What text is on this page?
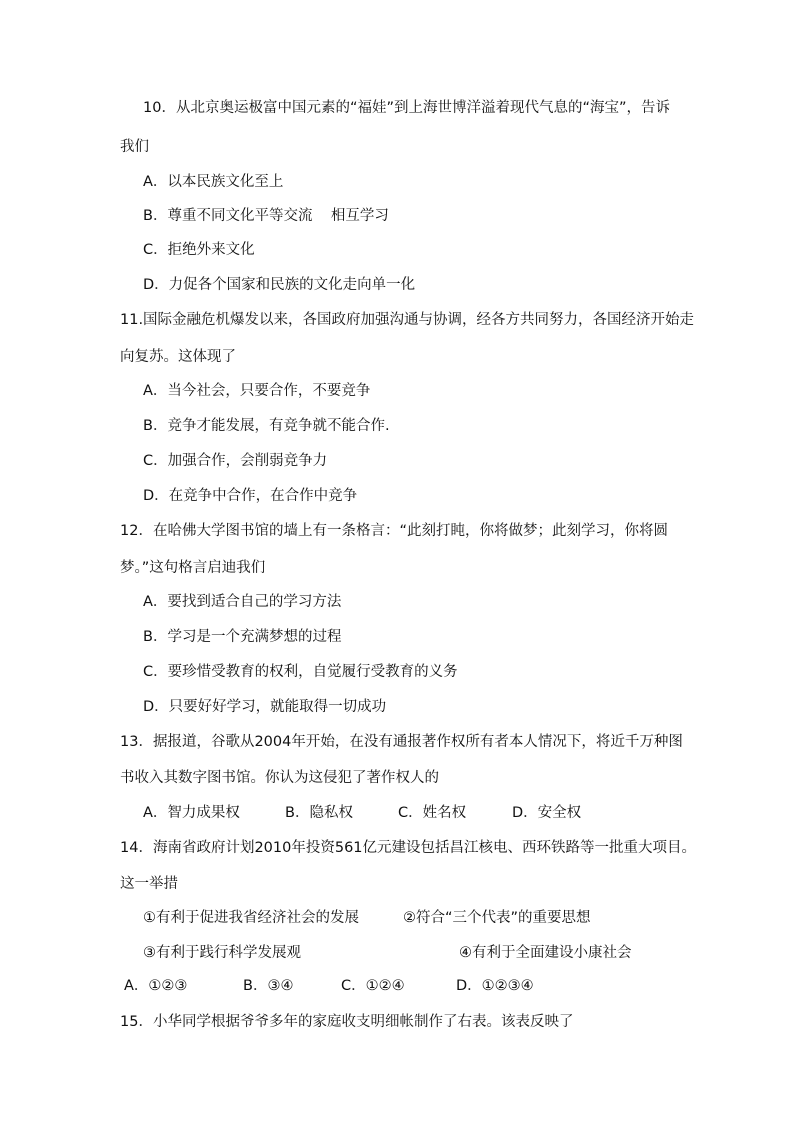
10．从北京奥运极富中国元素的“福娃”到上海世博洋溢着现代气息的“海宝”，告诉
我们
A．以本民族文化至上
B．尊重不同文化平等交流    相互学习
C．拒绝外来文化
D．力促各个国家和民族的文化走向单一化
11.国际金融危机爆发以来，各国政府加强沟通与协调，经各方共同努力，各国经济开始走
向复苏。这体现了
A．当今社会，只要合作，不要竞争
B．竞争才能发展，有竞争就不能合作.
C．加强合作，会削弱竞争力
D．在竞争中合作，在合作中竞争
12．在哈佛大学图书馆的墙上有一条格言：“此刻打盹，你将做梦；此刻学习，你将圆
梦。”这句格言启迪我们
A．要找到适合自己的学习方法
B．学习是一个充满梦想的过程
C．要珍惜受教育的权利，自觉履行受教育的义务
D．只要好好学习，就能取得一切成功
13．据报道，谷歌从2004年开始，在没有通报著作权所有者本人情况下，将近千万种图
书收入其数字图书馆。你认为这侵犯了著作权人的
A．智力成果权	B．隐私权	C．姓名权	D．安全权
14．海南省政府计划2010年投资561亿元建设包括昌江核电、西环铁路等一批重大项目。
这一举措
①有利于促进我省经济社会的发展	②符合“三个代表”的重要思想
③有利于践行科学发展观	④有利于全面建设小康社会
A．①②③	B．③④	C．①②④	D．①②③④
15．小华同学根据爷爷多年的家庭收支明细帐制作了右表。该表反映了
